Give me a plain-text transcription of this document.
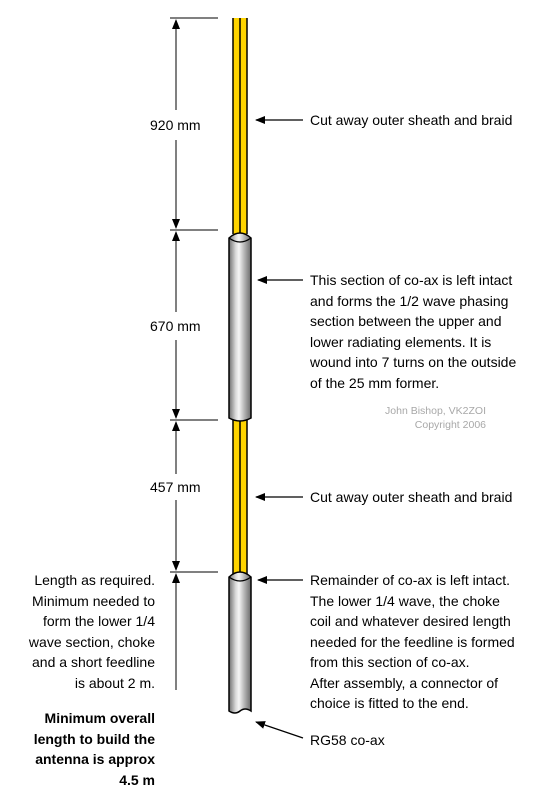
920 mm
670 mm
457 mm
Cut away outer sheath and braid
This section of co-ax is left intact
and forms the 1/2 wave phasing
section between the upper and
lower radiating elements. It is
wound into 7 turns on the outside
of the 25 mm former.
Cut away outer sheath and braid
Remainder of co-ax is left intact.
The lower 1/4 wave, the choke
coil and whatever desired length
needed for the feedline is formed
from this section of co-ax.
After assembly, a connector of
choice is fitted to the end.
RG58 co-ax
John Bishop, VK2ZOI
Copyright 2006
Length as required.
Minimum needed to
form the lower 1/4
wave section, choke
and a short feedline
is about 2 m.
Minimum overall
length to build the
antenna is approx
4.5 m
